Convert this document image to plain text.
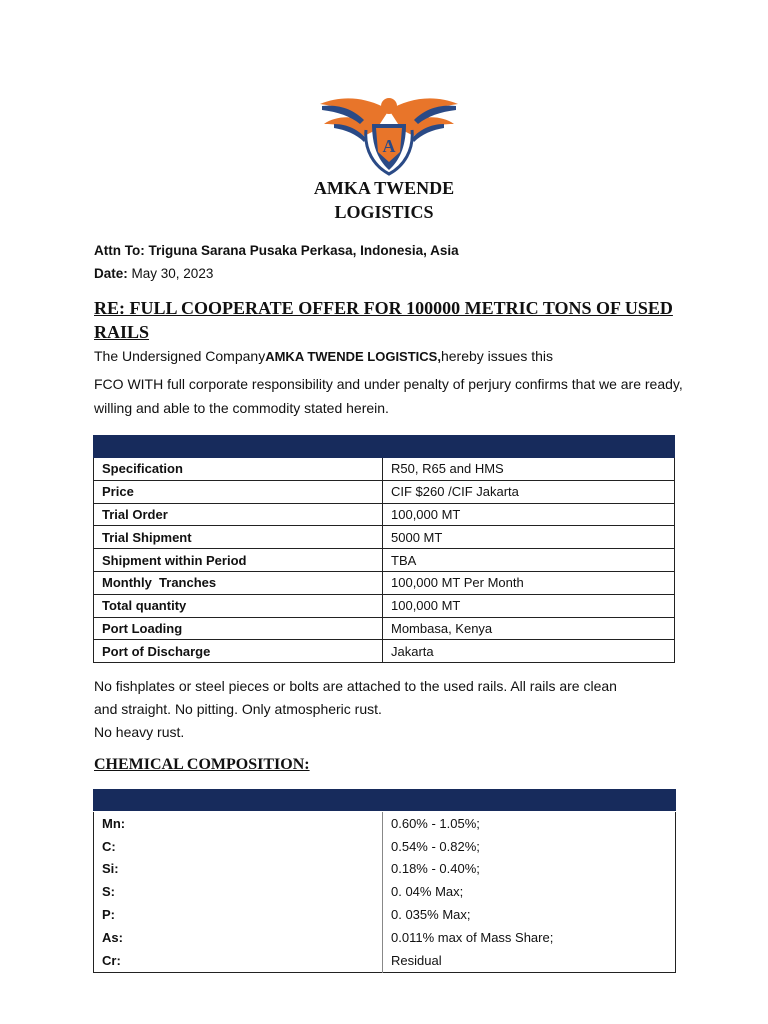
A
AMKA TWENDE
LOGISTICS
Attn To: Triguna Sarana Pusaka Perkasa, Indonesia, Asia
Date: May 30, 2023
RE: FULL COOPERATE OFFER FOR 100000 METRIC TONS OF USED RAILS
The Undersigned CompanyAMKA TWENDE LOGISTICS,hereby issues this
FCO WITH full corporate responsibility and under penalty of perjury confirms that we are ready, willing and able to the commodity stated herein.

Specification	R50, R65 and HMS
Price	CIF $260 /CIF Jakarta
Trial Order	100,000 MT
Trial Shipment	5000 MT
Shipment within Period	TBA
Monthly  Tranches	100,000 MT Per Month
Total quantity	100,000 MT
Port Loading	Mombasa, Kenya
Port of Discharge	Jakarta
No fishplates or steel pieces or bolts are attached to the used rails. All rails are clean
and straight. No pitting. Only atmospheric rust.
No heavy rust.
CHEMICAL COMPOSITION:
Mn:	0.60% - 1.05%;
C:	0.54% - 0.82%;
Si:	0.18% - 0.40%;
S:	0. 04% Max;
P:	0. 035% Max;
As:	0.011% max of Mass Share;
Cr:	Residual
